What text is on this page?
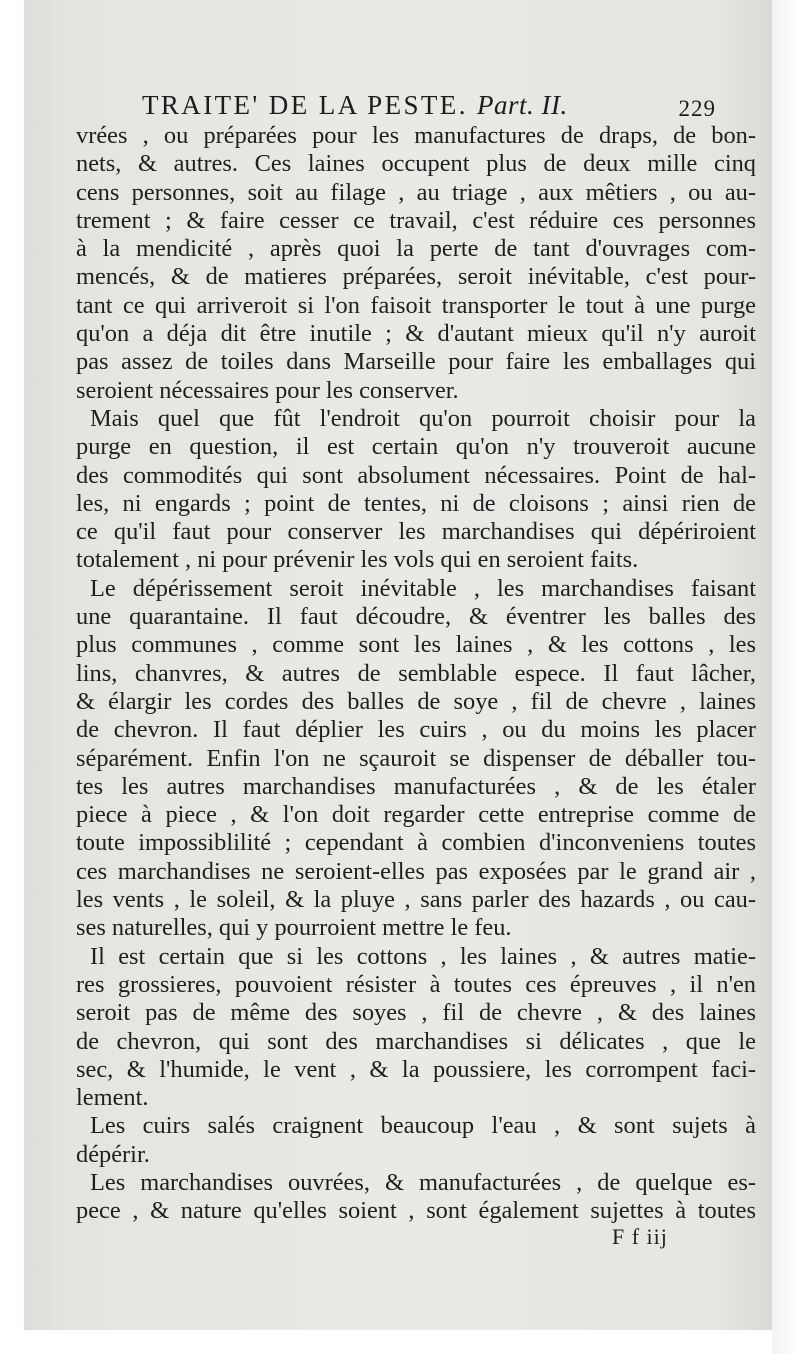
TRAITE' DE LA PESTE. Part. II.	229
vrées , ou préparées pour les manufactures de draps, de bon-
nets, & autres. Ces laines occupent plus de deux mille cinq
cens personnes, soit au filage , au triage , aux mêtiers , ou au-
trement ; & faire cesser ce travail, c'est réduire ces personnes
à la mendicité , après quoi la perte de tant d'ouvrages com-
mencés, & de matieres préparées, seroit inévitable, c'est pour-
tant ce qui arriveroit si l'on faisoit transporter le tout à une purge
qu'on a déja dit être inutile ; & d'autant mieux qu'il n'y auroit
pas assez de toiles dans Marseille pour faire les emballages qui
seroient nécessaires pour les conserver.
Mais quel que fût l'endroit qu'on pourroit choisir pour la
purge en question, il est certain qu'on n'y trouveroit aucune
des commodités qui sont absolument nécessaires. Point de hal-
les, ni engards ; point de tentes, ni de cloisons ; ainsi rien de
ce qu'il faut pour conserver les marchandises qui dépériroient
totalement , ni pour prévenir les vols qui en seroient faits.
Le dépérissement seroit inévitable , les marchandises faisant
une quarantaine. Il faut découdre, & éventrer les balles des
plus communes , comme sont les laines , & les cottons , les
lins, chanvres, & autres de semblable espece. Il faut lâcher,
& élargir les cordes des balles de soye , fil de chevre , laines
de chevron. Il faut déplier les cuirs , ou du moins les placer
séparément. Enfin l'on ne sçauroit se dispenser de déballer tou-
tes les autres marchandises manufacturées , & de les étaler
piece à piece , & l'on doit regarder cette entreprise comme de
toute impossiblilité ; cependant à combien d'inconveniens toutes
ces marchandises ne seroient-elles pas exposées par le grand air ,
les vents , le soleil, & la pluye , sans parler des hazards , ou cau-
ses naturelles, qui y pourroient mettre le feu.
Il est certain que si les cottons , les laines , & autres matie-
res grossieres, pouvoient résister à toutes ces épreuves , il n'en
seroit pas de même des soyes , fil de chevre , & des laines
de chevron, qui sont des marchandises si délicates , que le
sec, & l'humide, le vent , & la poussiere, les corrompent faci-
lement.
Les cuirs salés craignent beaucoup l'eau , & sont sujets à
dépérir.
Les marchandises ouvrées, & manufacturées , de quelque es-
pece , & nature qu'elles soient , sont également sujettes à toutes
F f iij
